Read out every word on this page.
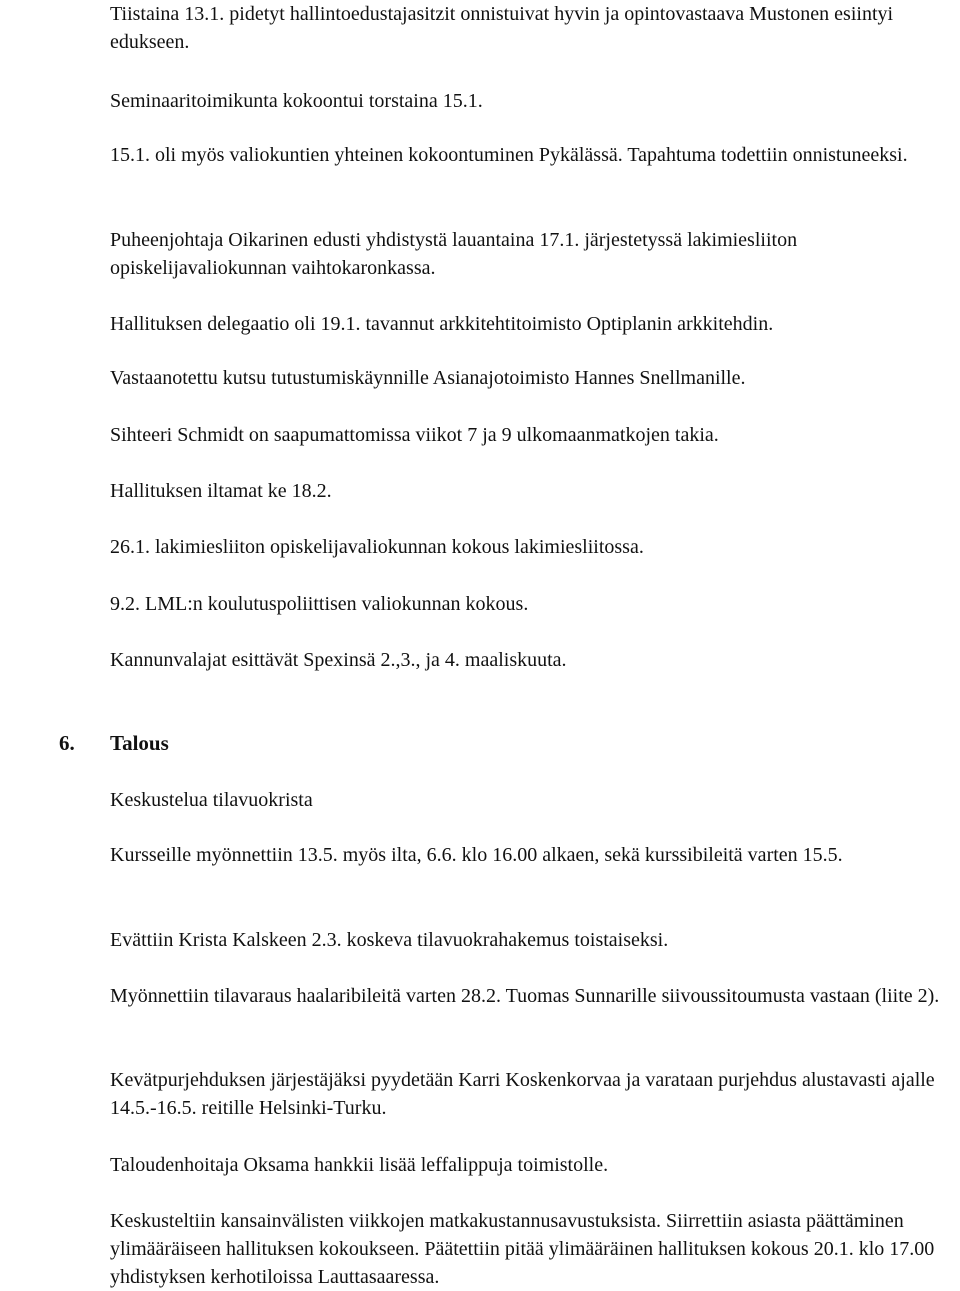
Tiistaina 13.1. pidetyt hallintoedustajasitzit onnistuivat hyvin ja opintovastaava Mustonen esiintyi edukseen.

Seminaaritoimikunta kokoontui torstaina 15.1.

15.1. oli myös valiokuntien yhteinen kokoontuminen Pykälässä. Tapahtuma todettiin onnistuneeksi.

Puheenjohtaja Oikarinen edusti yhdistystä lauantaina 17.1. järjestetyssä lakimiesliiton opiskelijavaliokunnan vaihtokaronkassa.

Hallituksen delegaatio oli 19.1. tavannut arkkitehtitoimisto Optiplanin arkkitehdin.

Vastaanotettu kutsu tutustumiskäynnille Asianajotoimisto Hannes Snellmanille.

Sihteeri Schmidt on saapumattomissa viikot 7 ja 9 ulkomaanmatkojen takia.

Hallituksen iltamat ke 18.2.

26.1. lakimiesliiton opiskelijavaliokunnan kokous lakimiesliitossa.

9.2. LML:n koulutuspoliittisen valiokunnan kokous.

Kannunvalajat esittävät Spexinsä 2.,3., ja 4. maaliskuuta.

6. Talous

Keskustelua tilavuokrista

Kursseille myönnettiin 13.5. myös ilta, 6.6. klo 16.00 alkaen, sekä kurssibileitä varten 15.5.

Evättiin Krista Kalskeen 2.3. koskeva tilavuokrahakemus toistaiseksi.

Myönnettiin tilavaraus haalaribileitä varten 28.2. Tuomas Sunnarille siivoussitoumusta vastaan (liite 2).

Kevätpurjehduksen järjestäjäksi pyydetään Karri Koskenkorvaa ja varataan purjehdus alustavasti ajalle 14.5.-16.5. reitille Helsinki-Turku.

Taloudenhoitaja Oksama hankkii lisää leffalippuja toimistolle.

Keskusteltiin kansainvälisten viikkojen matkakustannusavustuksista. Siirrettiin asiasta päättäminen ylimääräiseen hallituksen kokoukseen. Päätettiin pitää ylimääräinen hallituksen kokous 20.1. klo 17.00 yhdistyksen kerhotiloissa Lauttasaaressa.
